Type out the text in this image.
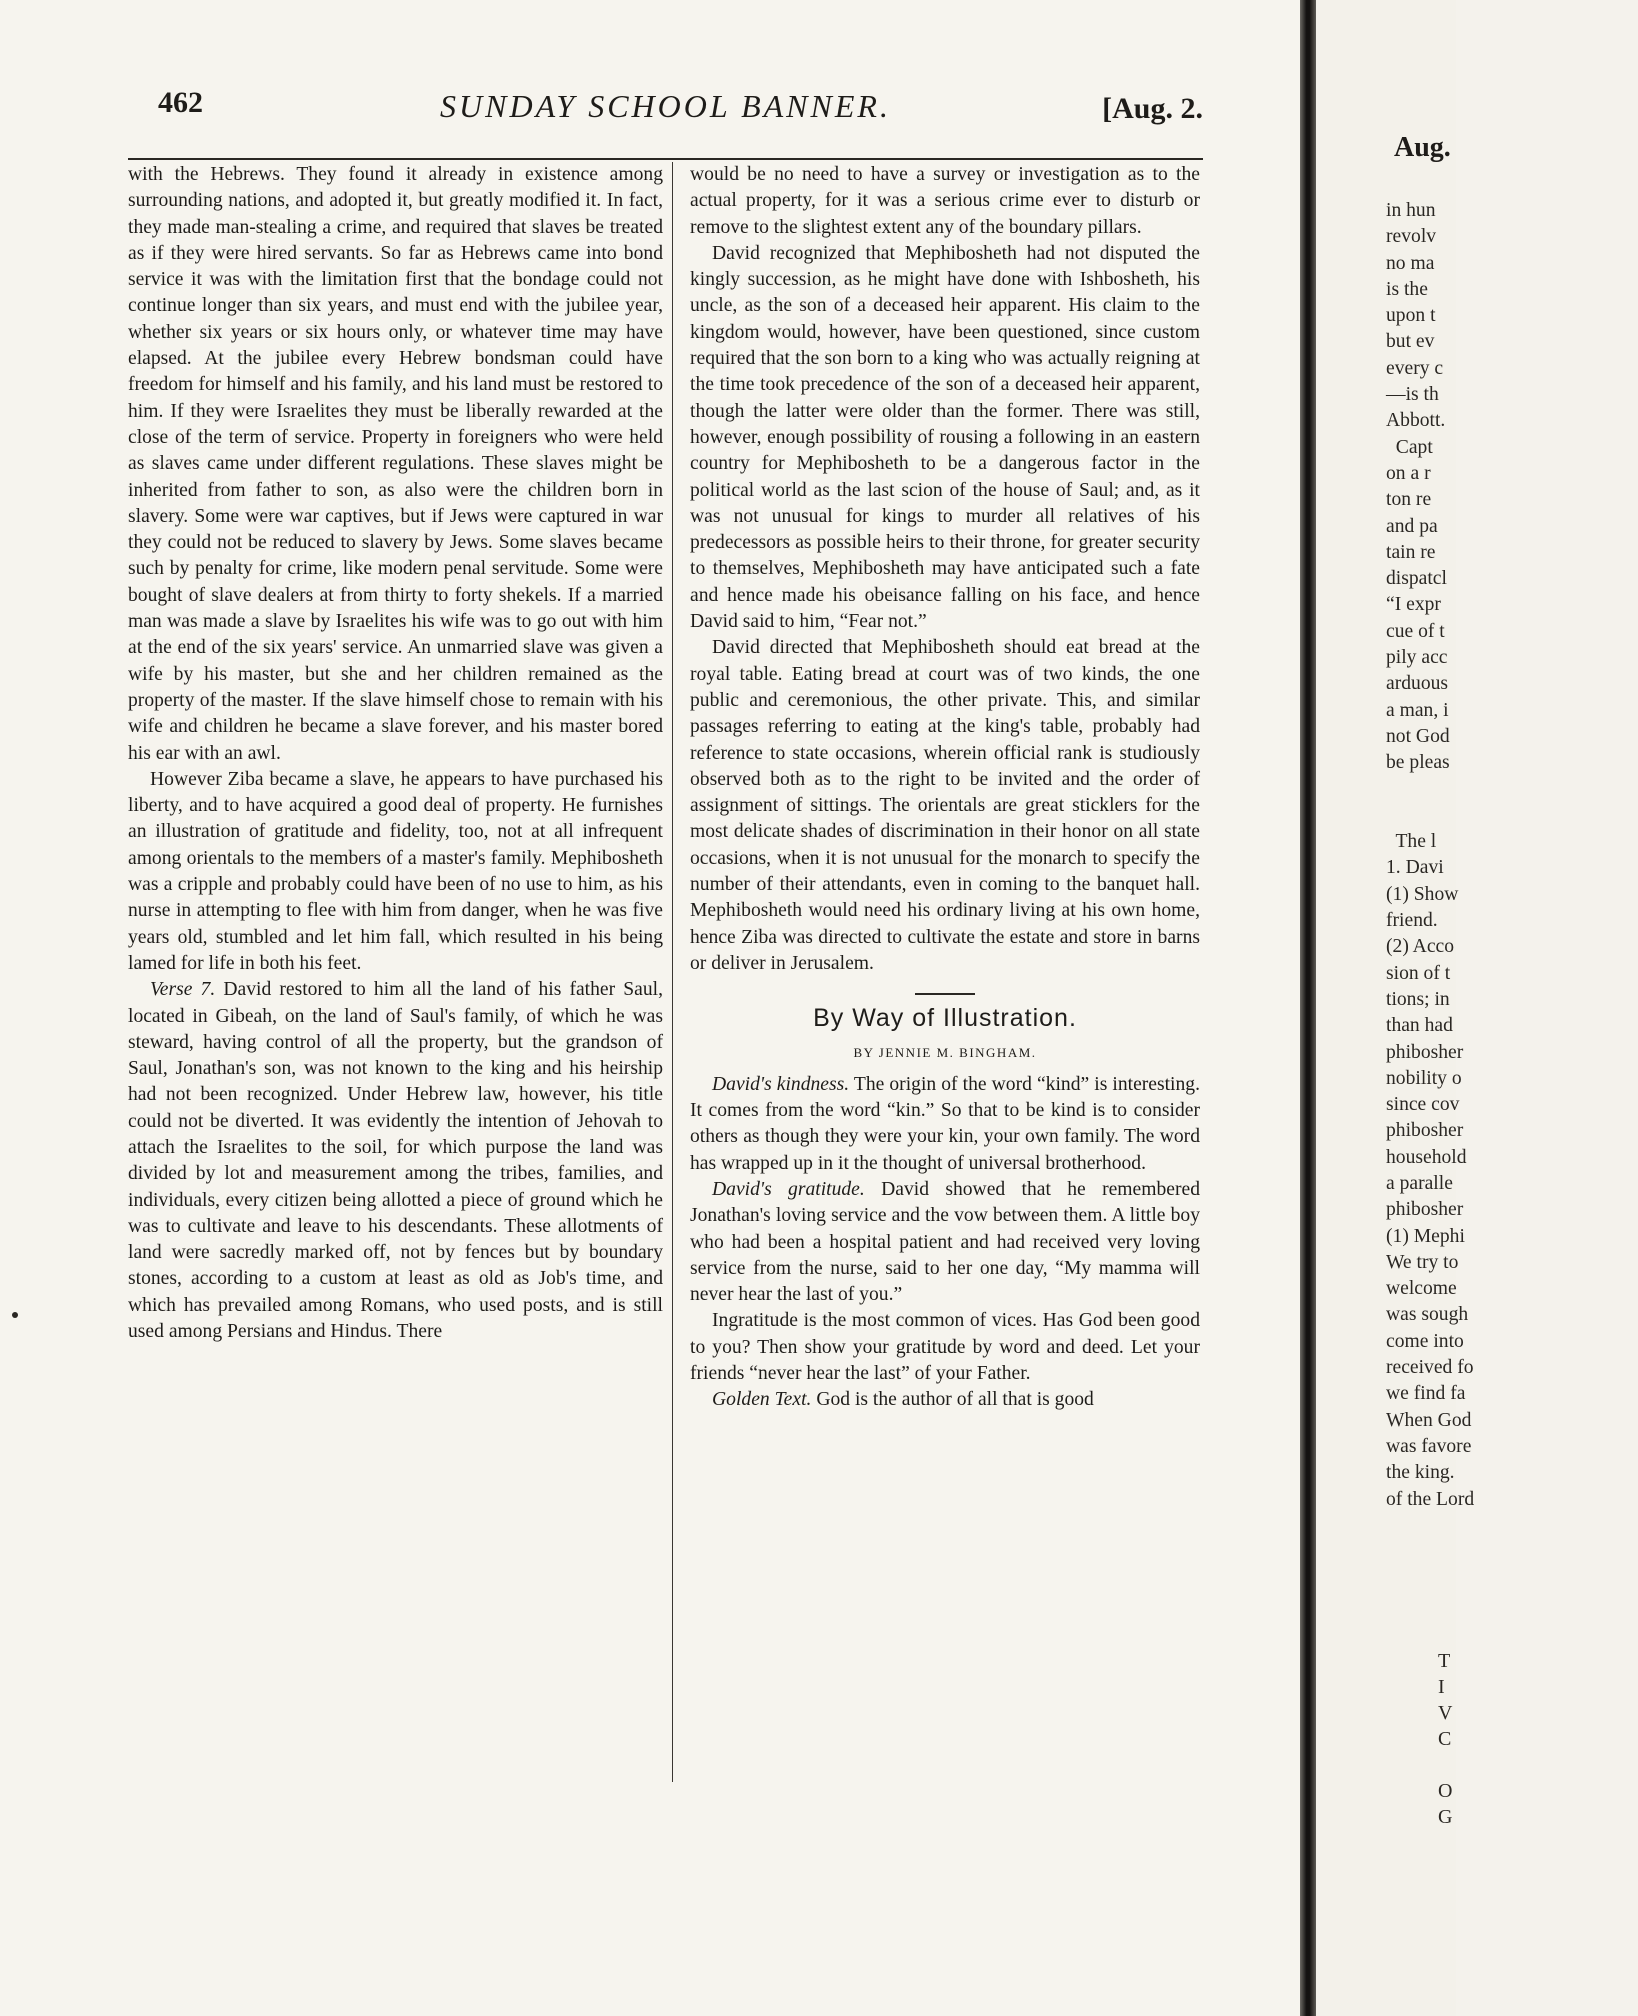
462	SUNDAY SCHOOL BANNER.	[Aug. 2.

with the Hebrews. They found it already in existence among surrounding nations, and adopted it, but greatly modified it. In fact, they made man-stealing a crime, and required that slaves be treated as if they were hired servants. So far as Hebrews came into bond service it was with the limitation first that the bondage could not continue longer than six years, and must end with the jubilee year, whether six years or six hours only, or whatever time may have elapsed. At the jubilee every Hebrew bondsman could have freedom for himself and his family, and his land must be restored to him. If they were Israelites they must be liberally rewarded at the close of the term of service. Property in foreigners who were held as slaves came under different regulations. These slaves might be inherited from father to son, as also were the children born in slavery. Some were war captives, but if Jews were captured in war they could not be reduced to slavery by Jews. Some slaves became such by penalty for crime, like modern penal servitude. Some were bought of slave dealers at from thirty to forty shekels. If a married man was made a slave by Israelites his wife was to go out with him at the end of the six years' service. An unmarried slave was given a wife by his master, but she and her children remained as the property of the master. If the slave himself chose to remain with his wife and children he became a slave forever, and his master bored his ear with an awl.

However Ziba became a slave, he appears to have purchased his liberty, and to have acquired a good deal of property. He furnishes an illustration of gratitude and fidelity, too, not at all infrequent among orientals to the members of a master's family. Mephibosheth was a cripple and probably could have been of no use to him, as his nurse in attempting to flee with him from danger, when he was five years old, stumbled and let him fall, which resulted in his being lamed for life in both his feet.

Verse 7. David restored to him all the land of his father Saul, located in Gibeah, on the land of Saul's family, of which he was steward, having control of all the property, but the grandson of Saul, Jonathan's son, was not known to the king and his heirship had not been recognized. Under Hebrew law, however, his title could not be diverted. It was evidently the intention of Jehovah to attach the Israelites to the soil, for which purpose the land was divided by lot and measurement among the tribes, families, and individuals, every citizen being allotted a piece of ground which he was to cultivate and leave to his descendants. These allotments of land were sacredly marked off, not by fences but by boundary stones, according to a custom at least as old as Job's time, and which has prevailed among Romans, who used posts, and is still used among Persians and Hindus. There

would be no need to have a survey or investigation as to the actual property, for it was a serious crime ever to disturb or remove to the slightest extent any of the boundary pillars.

David recognized that Mephibosheth had not disputed the kingly succession, as he might have done with Ishbosheth, his uncle, as the son of a deceased heir apparent. His claim to the kingdom would, however, have been questioned, since custom required that the son born to a king who was actually reigning at the time took precedence of the son of a deceased heir apparent, though the latter were older than the former. There was still, however, enough possibility of rousing a following in an eastern country for Mephibosheth to be a dangerous factor in the political world as the last scion of the house of Saul; and, as it was not unusual for kings to murder all relatives of his predecessors as possible heirs to their throne, for greater security to themselves, Mephibosheth may have anticipated such a fate and hence made his obeisance falling on his face, and hence David said to him, “Fear not.”

David directed that Mephibosheth should eat bread at the royal table. Eating bread at court was of two kinds, the one public and ceremonious, the other private. This, and similar passages referring to eating at the king's table, probably had reference to state occasions, wherein official rank is studiously observed both as to the right to be invited and the order of assignment of sittings. The orientals are great sticklers for the most delicate shades of discrimination in their honor on all state occasions, when it is not unusual for the monarch to specify the number of their attendants, even in coming to the banquet hall. Mephibosheth would need his ordinary living at his own home, hence Ziba was directed to cultivate the estate and store in barns or deliver in Jerusalem.

By Way of Illustration.
BY JENNIE M. BINGHAM.

David's kindness. The origin of the word “kind” is interesting. It comes from the word “kin.” So that to be kind is to consider others as though they were your kin, your own family. The word has wrapped up in it the thought of universal brotherhood.

David's gratitude. David showed that he remembered Jonathan's loving service and the vow between them. A little boy who had been a hospital patient and had received very loving service from the nurse, said to her one day, “My mamma will never hear the last of you.”

Ingratitude is the most common of vices. Has God been good to you? Then show your gratitude by word and deed. Let your friends “never hear the last” of your Father.

Golden Text. God is the author of all that is good

Aug.
in hun
revolv
no ma
is the
upon t
but ev
every c
—is th
Abbott.
Capt
on a r
ton re
and pa
tain re
dispatcl
“I expr
cue of t
pily acc
arduous
a man, i
not God
be pleas

The l
1. Davi
(1) Show
friend.
(2) Acco
sion of t
tions; in
than had
phibosher
nobility o
since cov
phibosher
household
a paralle
phibosher
(1) Mephi
We try to
welcome
was sough
come into
received fo
we find fa
When God
was favore
the king.
of the Lord
T
I
V
C

O
G
